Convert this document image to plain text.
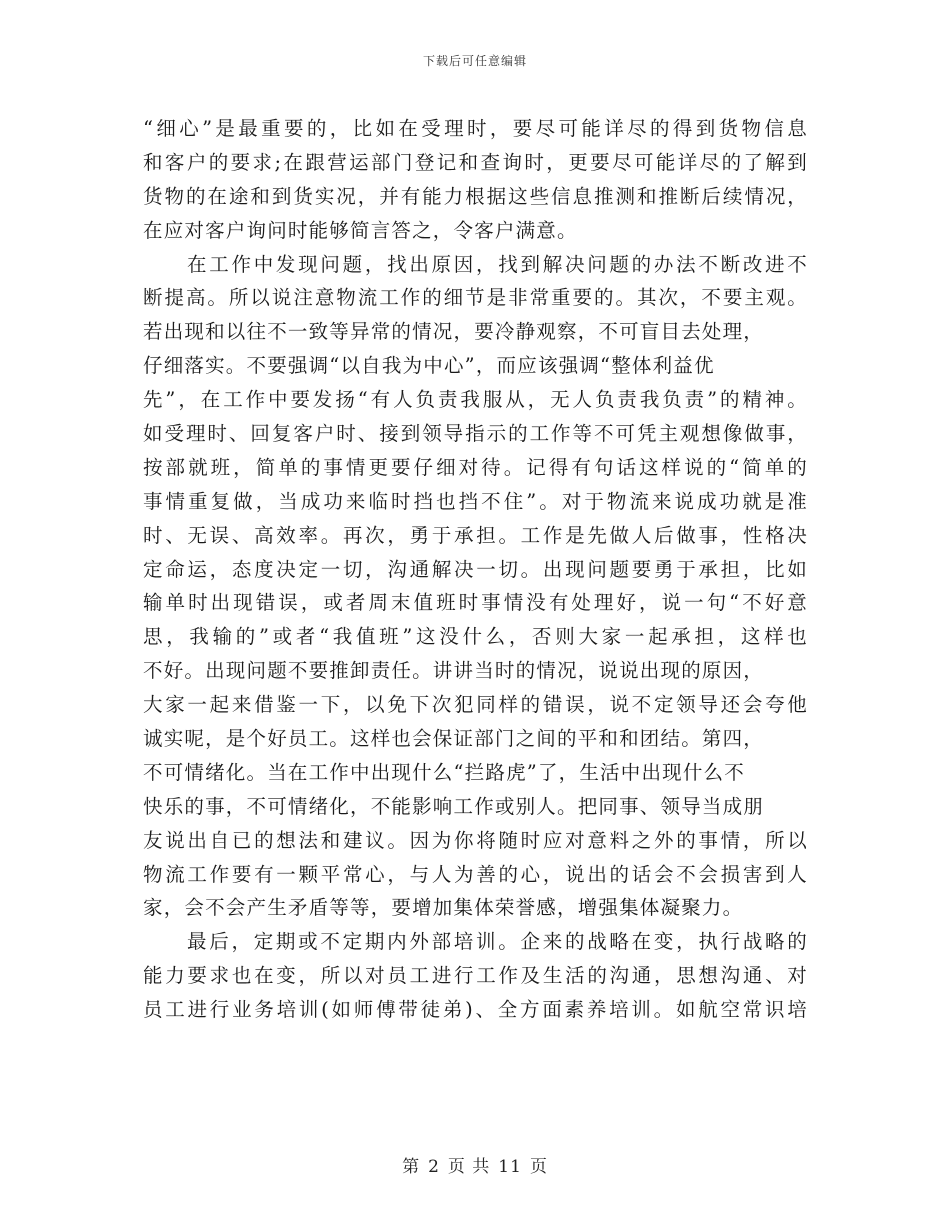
下载后可任意编辑
“细心”是最重要的，比如在受理时，要尽可能详尽的得到货物信息
和客户的要求;在跟营运部门登记和查询时，更要尽可能详尽的了解到
货物的在途和到货实况，并有能力根据这些信息推测和推断后续情况，
在应对客户询问时能够简言答之，令客户满意。
在工作中发现问题，找出原因，找到解决问题的办法不断改进不
断提高。所以说注意物流工作的细节是非常重要的。其次，不要主观。
若出现和以往不一致等异常的情况，要冷静观察，不可盲目去处理，
仔细落实。不要强调“以自我为中心”，而应该强调“整体利益优
先”，在工作中要发扬“有人负责我服从，无人负责我负责”的精神。
如受理时、回复客户时、接到领导指示的工作等不可凭主观想像做事，
按部就班，简单的事情更要仔细对待。记得有句话这样说的“简单的
事情重复做，当成功来临时挡也挡不住”。对于物流来说成功就是准
时、无误、高效率。再次，勇于承担。工作是先做人后做事，性格决
定命运，态度决定一切，沟通解决一切。出现问题要勇于承担，比如
输单时出现错误，或者周末值班时事情没有处理好，说一句“不好意
思，我输的”或者“我值班”这没什么，否则大家一起承担，这样也
不好。出现问题不要推卸责任。讲讲当时的情况，说说出现的原因，
大家一起来借鉴一下，以免下次犯同样的错误，说不定领导还会夸他
诚实呢，是个好员工。这样也会保证部门之间的平和和团结。第四，
不可情绪化。当在工作中出现什么“拦路虎”了，生活中出现什么不
快乐的事，不可情绪化，不能影响工作或别人。把同事、领导当成朋
友说出自已的想法和建议。因为你将随时应对意料之外的事情，所以
物流工作要有一颗平常心，与人为善的心，说出的话会不会损害到人
家，会不会产生矛盾等等，要增加集体荣誉感，增强集体凝聚力。
最后，定期或不定期内外部培训。企来的战略在变，执行战略的
能力要求也在变，所以对员工进行工作及生活的沟通，思想沟通、对
员工进行业务培训(如师傅带徒弟)、全方面素养培训。如航空常识培
第 2 页 共 11 页
